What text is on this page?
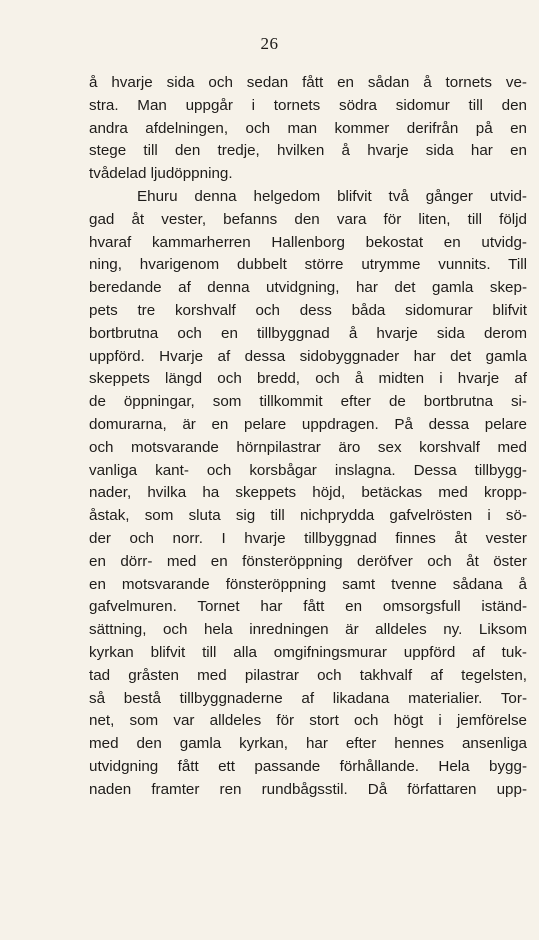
26
å hvarje sida och sedan fått en sådan å tornets ve-
stra. Man uppgår i tornets södra sidomur till den
andra afdelningen, och man kommer derifrån på en
stege till den tredje, hvilken å hvarje sida har en
tvådelad ljudöppning.
Ehuru denna helgedom blifvit två gånger utvid-
gad åt vester, befanns den vara för liten, till följd
hvaraf kammarherren Hallenborg bekostat en utvidg-
ning, hvarigenom dubbelt större utrymme vunnits. Till
beredande af denna utvidgning, har det gamla skep-
pets tre korshvalf och dess båda sidomurar blifvit
bortbrutna och en tillbyggnad å hvarje sida derom
uppförd. Hvarje af dessa sidobyggnader har det gamla
skeppets längd och bredd, och å midten i hvarje af
de öppningar, som tillkommit efter de bortbrutna si-
domurarna, är en pelare uppdragen. På dessa pelare
och motsvarande hörnpilastrar äro sex korshvalf med
vanliga kant- och korsbågar inslagna. Dessa tillbygg-
nader, hvilka ha skeppets höjd, betäckas med kropp-
åstak, som sluta sig till nichprydda gafvelrösten i sö-
der och norr. I hvarje tillbyggnad finnes åt vester
en dörr- med en fönsteröppning deröfver och åt öster
en motsvarande fönsteröppning samt tvenne sådana å
gafvelmuren. Tornet har fått en omsorgsfull iständ-
sättning, och hela inredningen är alldeles ny. Liksom
kyrkan blifvit till alla omgifningsmurar uppförd af tuk-
tad gråsten med pilastrar och takhvalf af tegelsten,
så bestå tillbyggnaderne af likadana materialier. Tor-
net, som var alldeles för stort och högt i jemförelse
med den gamla kyrkan, har efter hennes ansenliga
utvidgning fått ett passande förhållande. Hela bygg-
naden framter ren rundbågsstil. Då författaren upp-
